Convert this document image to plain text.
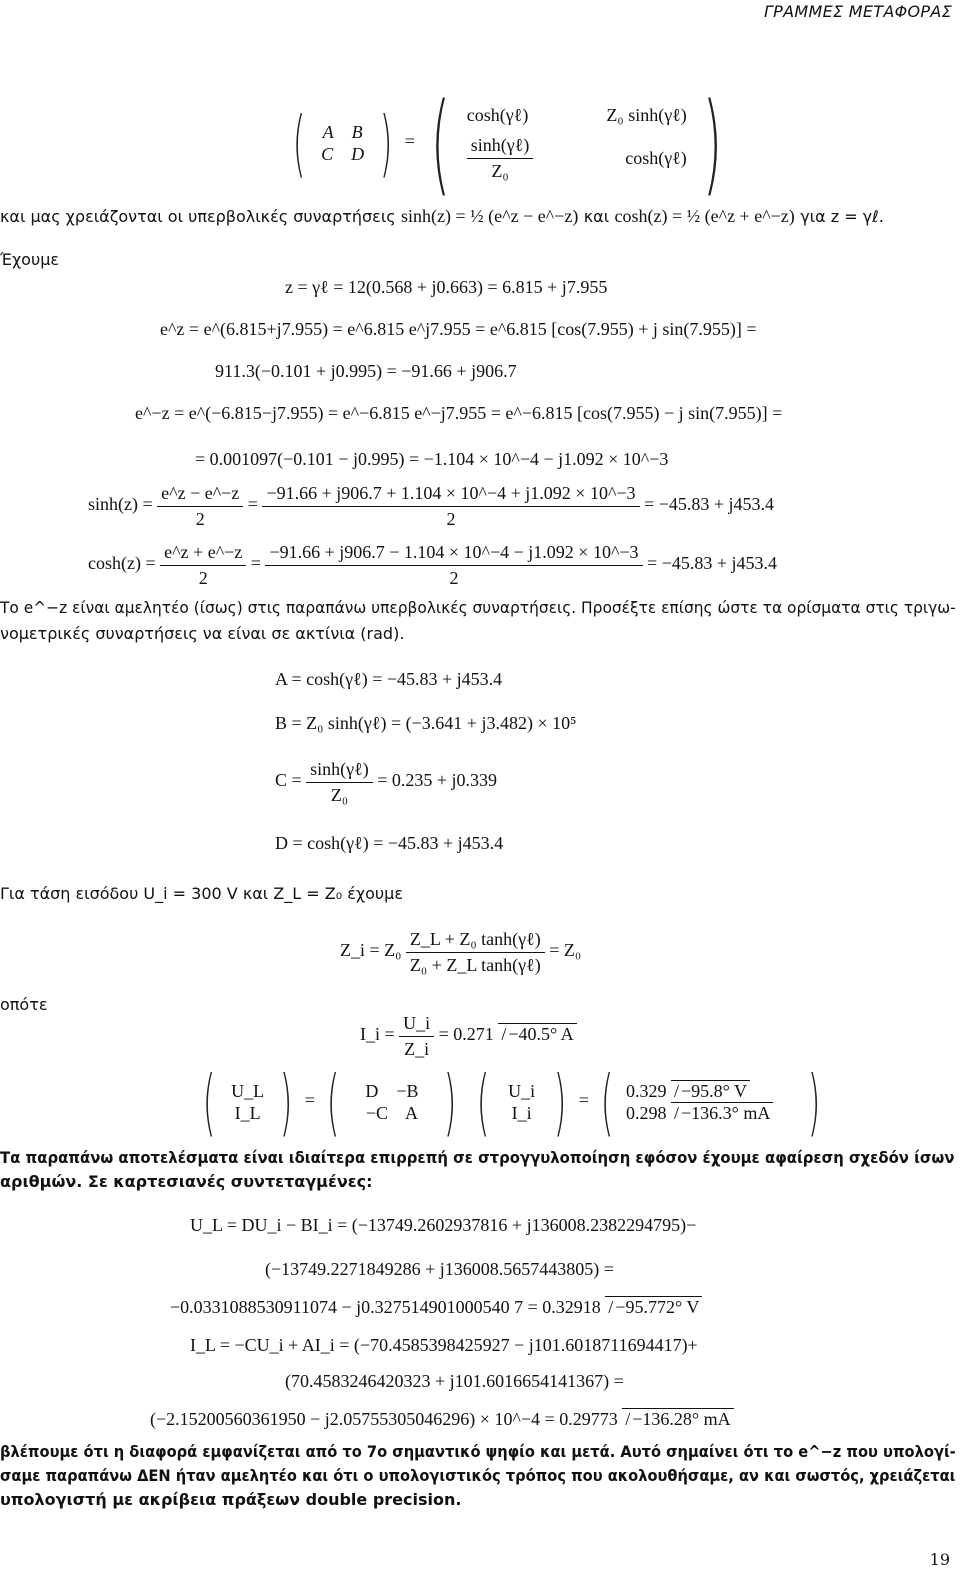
ΓΡΑΜΜΕΣ ΜΕΤΑΦΟΡΑΣ
( A B
C D ) = ( cosh(γℓ)	Z₀ sinh(γℓ)
$\frac{\text{sinh(γℓ)}}{\text{Z₀}}$	cosh(γℓ) )
και μας χρειάζονται οι υπερβολικές συναρτήσεις sinh(z) = ½ (e^z − e^−z) και cosh(z) = ½ (e^z + e^−z) για z = γℓ.
Έχουμε
z = γℓ = 12(0.568 + j0.663) = 6.815 + j7.955
e^z = e^(6.815+j7.955) = e^6.815 e^j7.955 = e^6.815 [cos(7.955) + j sin(7.955)] =
911.3(−0.101 + j0.995) = −91.66 + j906.7
e^−z = e^(−6.815−j7.955) = e^−6.815 e^−j7.955 = e^−6.815 [cos(7.955) − j sin(7.955)] =
= 0.001097(−0.101 − j0.995) = −1.104 × 10^−4 − j1.092 × 10^−3
$\sinh(z) = \frac{e\^{}z - e\^{}-z}{2} = \frac{-91.66 + j906.7 + 1.104 \times 10\^{}-4 + j1.092 \times 10\^{}-3}{2} = -45.83 + j453.4$
$\cosh(z) = \frac{e\^{}z + e\^{}-z}{2} = \frac{-91.66 + j906.7 - 1.104 \times 10\^{}-4 - j1.092 \times 10\^{}-3}{2} = -45.83 + j453.4$
Το e^−z είναι αμελητέο (ίσως) στις παραπάνω υπερβολικές συναρτήσεις. Προσέξτε επίσης ώστε τα ορίσματα στις τριγω-
νομετρικές συναρτήσεις να είναι σε ακτίνια (rad).
A = cosh(γℓ) = −45.83 + j453.4
B = Z₀ sinh(γℓ) = (−3.641 + j3.482) × 10⁵
$C = \frac{\text{sinh(γℓ)}}{\text{Z₀}} = 0.235 + j0.339$
D = cosh(γℓ) = −45.83 + j453.4
Για τάση εισόδου U_i = 300 V και Z_L = Z₀ έχουμε
Z_i = $Z_0 \frac{\text{Z\_L + Z₀ tanh(γℓ)}}{\text{Z₀ + Z\_L tanh(γℓ)}} = Z_0$
οπότε
I_i = $\frac{U\_i}{Z\_i} = 0.271 / -40.5^\circ$ A
( U_L
I_L ) = (	D −B
−C A ) (	U_i
I_i ) = ( 0.329 / −95.8° V
0.298 / −136.3° mA )
Τα παραπάνω αποτελέσματα είναι ιδιαίτερα επιρρεπή σε στρογγυλοποίηση εφόσον έχουμε αφαίρεση σχεδόν ίσων
αριθμών. Σε καρτεσιανές συντεταγμένες:
U_L = DU_i − BI_i = (−13749.2602937816 + j136008.2382294795)−
(−13749.2271849286 + j136008.5657443805) =
−0.0331088530911074 − j0.327514901000540 7 = 0.32918 / −95.772° V
I_L = −CU_i + AI_i = (−70.4585398425927 − j101.6018711694417)+
(70.4583246420323 + j101.6016654141367) =
(−2.15200560361950 − j2.05755305046296) × 10^−4 = 0.29773 / −136.28° mA
βλέπουμε ότι η διαφορά εμφανίζεται από το 7ο σημαντικό ψηφίο και μετά. Αυτό σημαίνει ότι το e^−z που υπολογί-
σαμε παραπάνω ΔΕΝ ήταν αμελητέο και ότι ο υπολογιστικός τρόπος που ακολουθήσαμε, αν και σωστός, χρειάζεται
υπολογιστή με ακρίβεια πράξεων double precision.
19
